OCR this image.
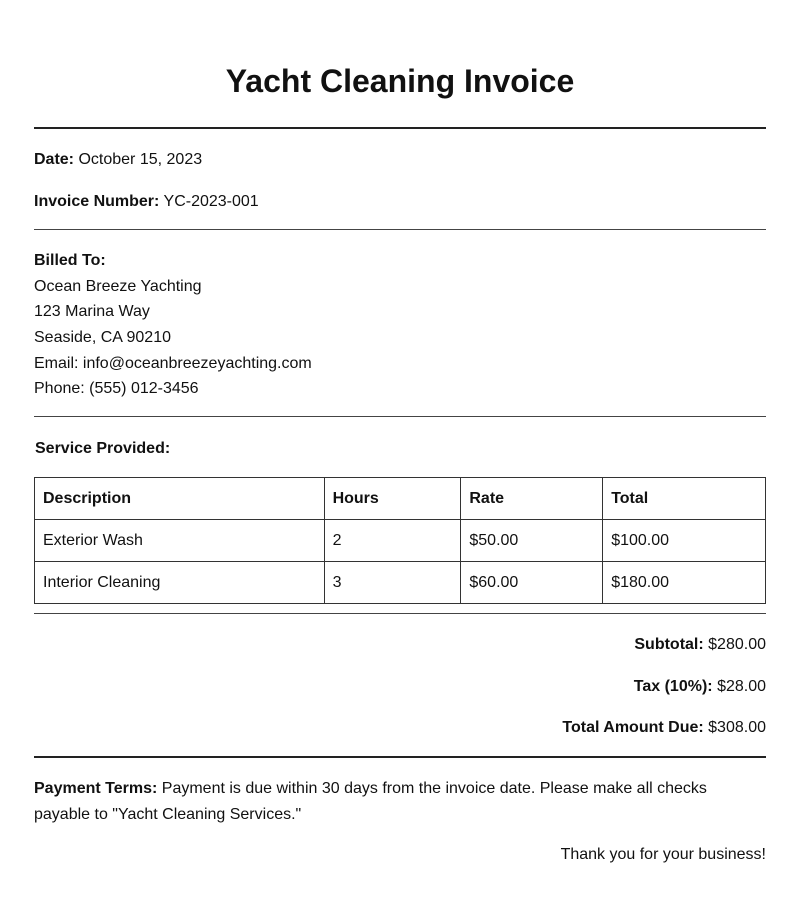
Yacht Cleaning Invoice
Date: October 15, 2023
Invoice Number: YC-2023-001
Billed To:
Ocean Breeze Yachting
123 Marina Way
Seaside, CA 90210
Email: info@oceanbreezeyachting.com
Phone: (555) 012-3456
Service Provided:
Description	Hours	Rate	Total
Exterior Wash	2	$50.00	$100.00
Interior Cleaning	3	$60.00	$180.00
Subtotal: $280.00
Tax (10%): $28.00
Total Amount Due: $308.00
Payment Terms: Payment is due within 30 days from the invoice date. Please make all checks payable to "Yacht Cleaning Services."
Thank you for your business!
